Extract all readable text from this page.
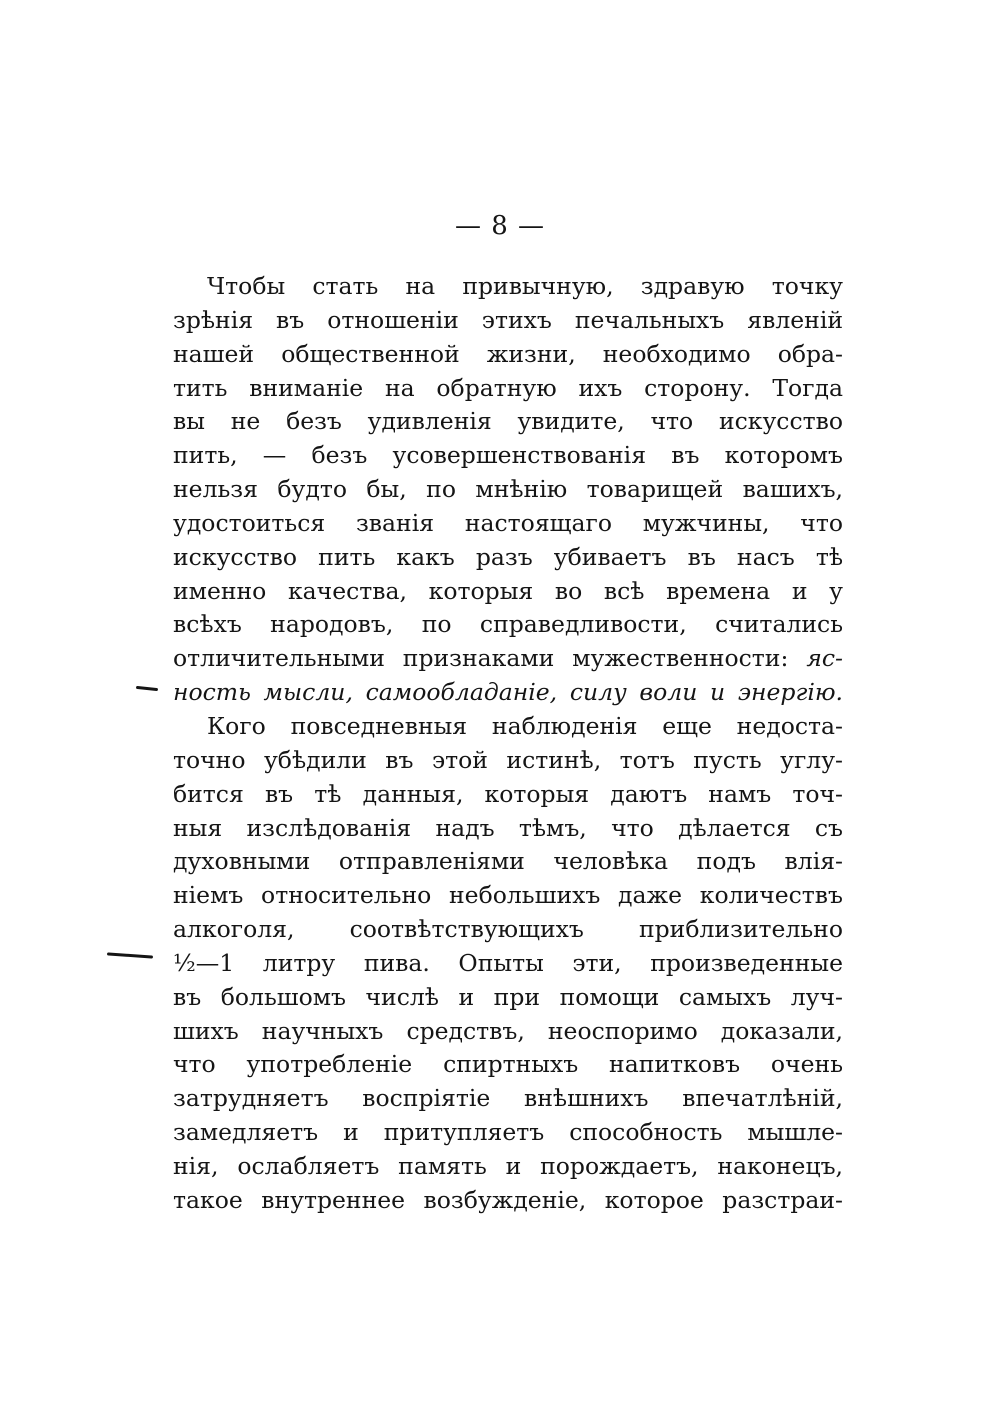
— 8 —
Чтобы стать на привычную, здравую точку
зрѣнія въ отношеніи этихъ печальныхъ явленій
нашей общественной жизни, необходимо обра-
тить вниманіе на обратную ихъ сторону. Тогда
вы не безъ удивленія увидите, что искусство
пить, — безъ усовершенствованія въ которомъ
нельзя будто бы, по мнѣнію товарищей вашихъ,
удостоиться званія настоящаго мужчины, что
искусство пить какъ разъ убиваетъ въ насъ тѣ
именно качества, которыя во всѣ времена и у
всѣхъ народовъ, по справедливости, считались
отличительными признаками мужественности: яс-
ность мысли, самообладаніе, силу воли и энергію.
Кого повседневныя наблюденія еще недоста-
точно убѣдили въ этой истинѣ, тотъ пусть углу-
бится въ тѣ данныя, которыя даютъ намъ точ-
ныя изслѣдованія надъ тѣмъ, что дѣлается съ
духовными отправленіями человѣка подъ влія-
ніемъ относительно небольшихъ даже количествъ
алкоголя, соотвѣтствующихъ приблизительно
½—1 литру пива. Опыты эти, произведенные
въ большомъ числѣ и при помощи самыхъ луч-
шихъ научныхъ средствъ, неоспоримо доказали,
что употребленіе спиртныхъ напитковъ очень
затрудняетъ воспріятіе внѣшнихъ впечатлѣній,
замедляетъ и притупляетъ способность мышле-
нія, ослабляетъ память и порождаетъ, наконецъ,
такое внутреннее возбужденіе, которое разстраи-
